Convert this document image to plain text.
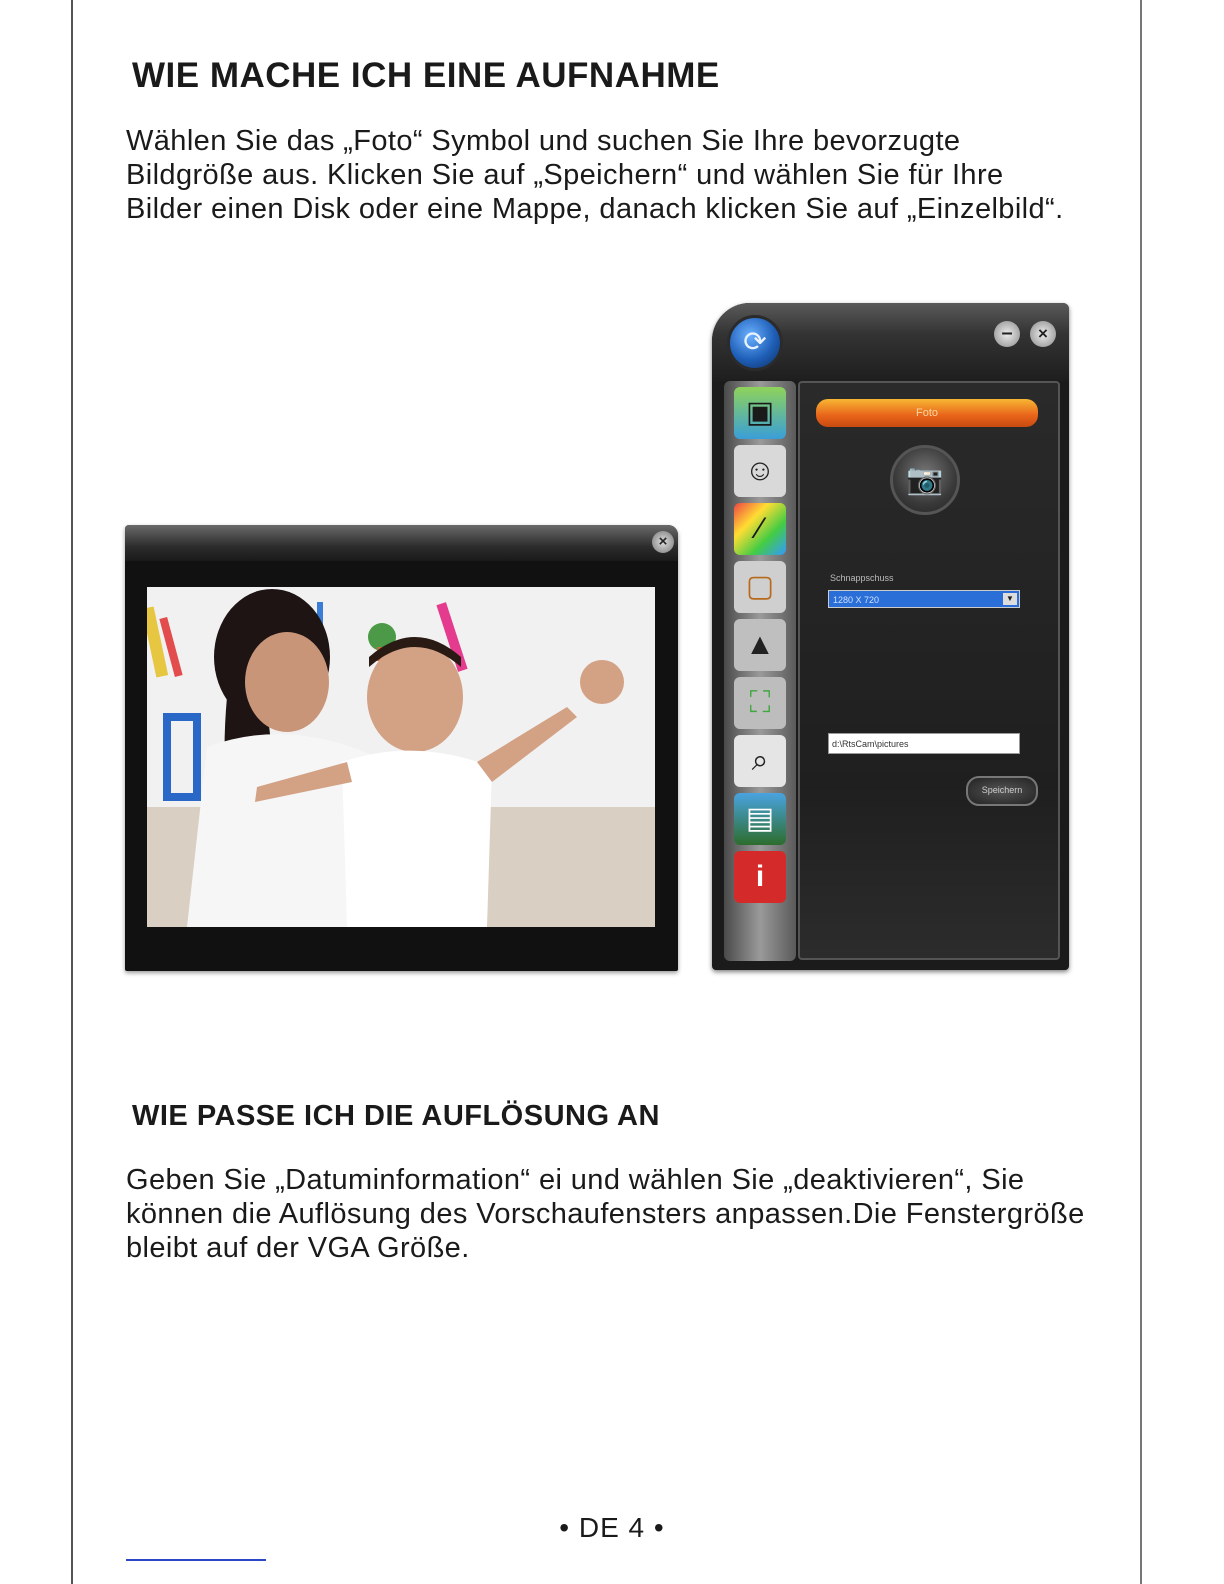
WIE MACHE ICH EINE AUFNAHME

Wählen Sie das „Foto“ Symbol und suchen Sie Ihre bevorzugte Bildgröße aus. Klicken Sie auf „Speichern“ und wählen Sie für Ihre Bilder einen Disk oder eine Mappe, danach klicken Sie auf „Einzelbild“.

×
⟳	–	×
▣
☺
⁄
▢
▲
⛶
⌕
▤
i
Foto
📷
Schnappschuss
1280 X 720	▼
d:\RtsCam\pictures
Speichern
WIE PASSE ICH DIE AUFLÖSUNG AN

Geben Sie „Datuminformation“ ei und wählen Sie „deaktivieren“, Sie können die Auflösung des Vorschaufensters anpassen.Die Fenstergröße bleibt auf der VGA Größe.

• DE 4 •
